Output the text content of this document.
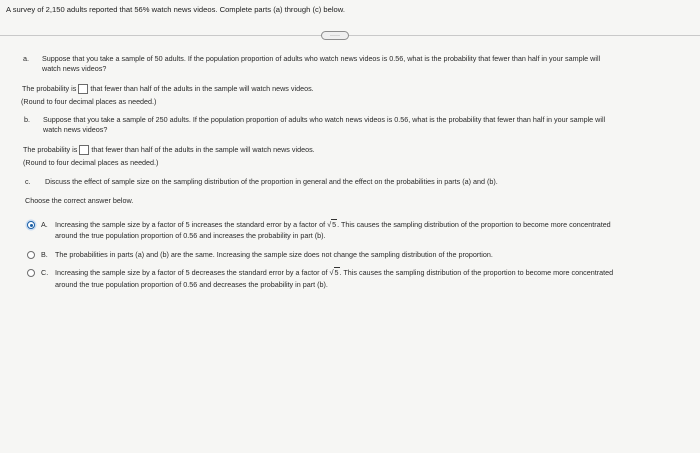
A survey of 2,150 adults reported that 56% watch news videos. Complete parts (a) through (c) below.
·····
a. Suppose that you take a sample of 50 adults. If the population proportion of adults who watch news videos is 0.56, what is the probability that fewer than half in your sample will
watch news videos?
The probability is that fewer than half of the adults in the sample will watch news videos.
(Round to four decimal places as needed.)
b. Suppose that you take a sample of 250 adults. If the population proportion of adults who watch news videos is 0.56, what is the probability that fewer than half in your sample will
watch news videos?
The probability is that fewer than half of the adults in the sample will watch news videos.
(Round to four decimal places as needed.)
c. Discuss the effect of sample size on the sampling distribution of the proportion in general and the effect on the probabilities in parts (a) and (b).
Choose the correct answer below.
A. Increasing the sample size by a factor of 5 increases the standard error by a factor of √5. This causes the sampling distribution of the proportion to become more concentrated
around the true population proportion of 0.56 and increases the probability in part (b).
B. The probabilities in parts (a) and (b) are the same. Increasing the sample size does not change the sampling distribution of the proportion.
C. Increasing the sample size by a factor of 5 decreases the standard error by a factor of √5. This causes the sampling distribution of the proportion to become more concentrated
around the true population proportion of 0.56 and decreases the probability in part (b).
